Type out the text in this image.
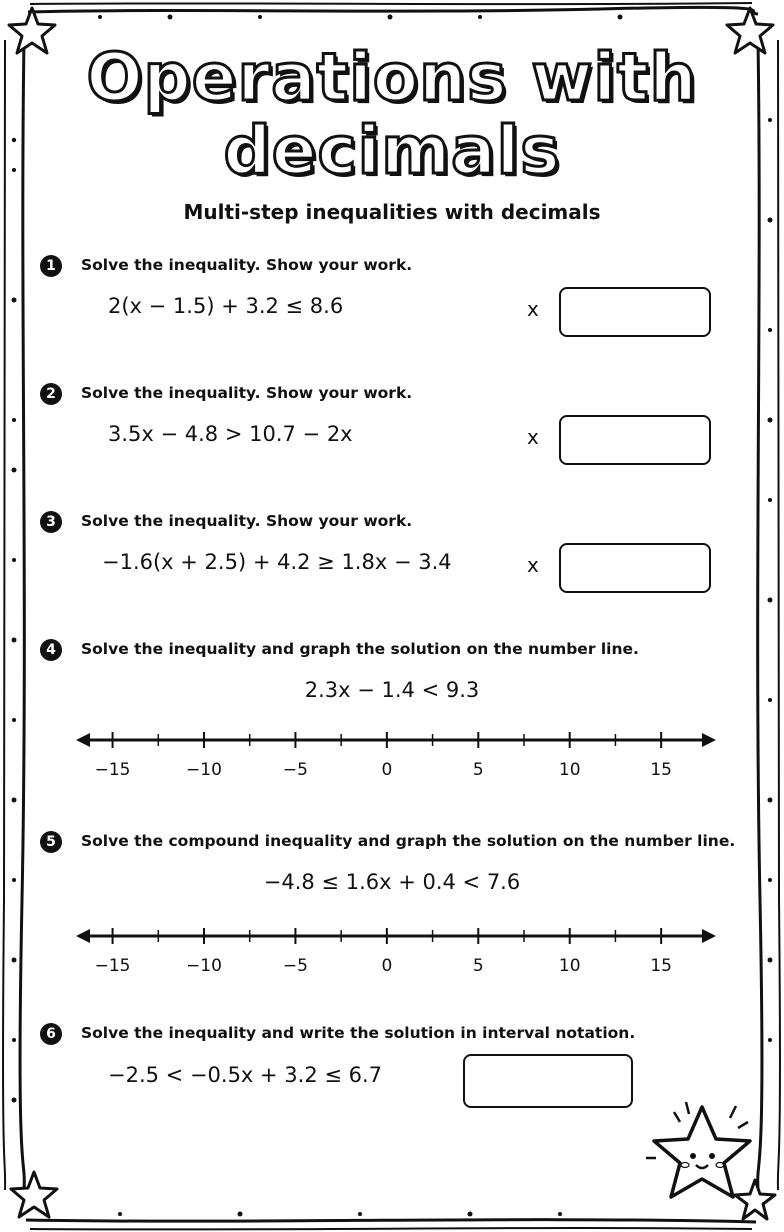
Operations with
decimals
Multi-step inequalities with decimals
1	Solve the inequality. Show your work.
2(x − 1.5) + 3.2 ≤ 8.6	x
2	Solve the inequality. Show your work.
3.5x − 4.8 > 10.7 − 2x	x
3	Solve the inequality. Show your work.
−1.6(x + 2.5) + 4.2 ≥ 1.8x − 3.4	x
4	Solve the inequality and graph the solution on the number line.
2.3x − 1.4 < 9.3
−15	−10	−5	0	5	10	15
5	Solve the compound inequality and graph the solution on the number line.
−4.8 ≤ 1.6x + 0.4 < 7.6
−15	−10	−5	0	5	10	15
6	Solve the inequality and write the solution in interval notation.
−2.5 < −0.5x + 3.2 ≤ 6.7
